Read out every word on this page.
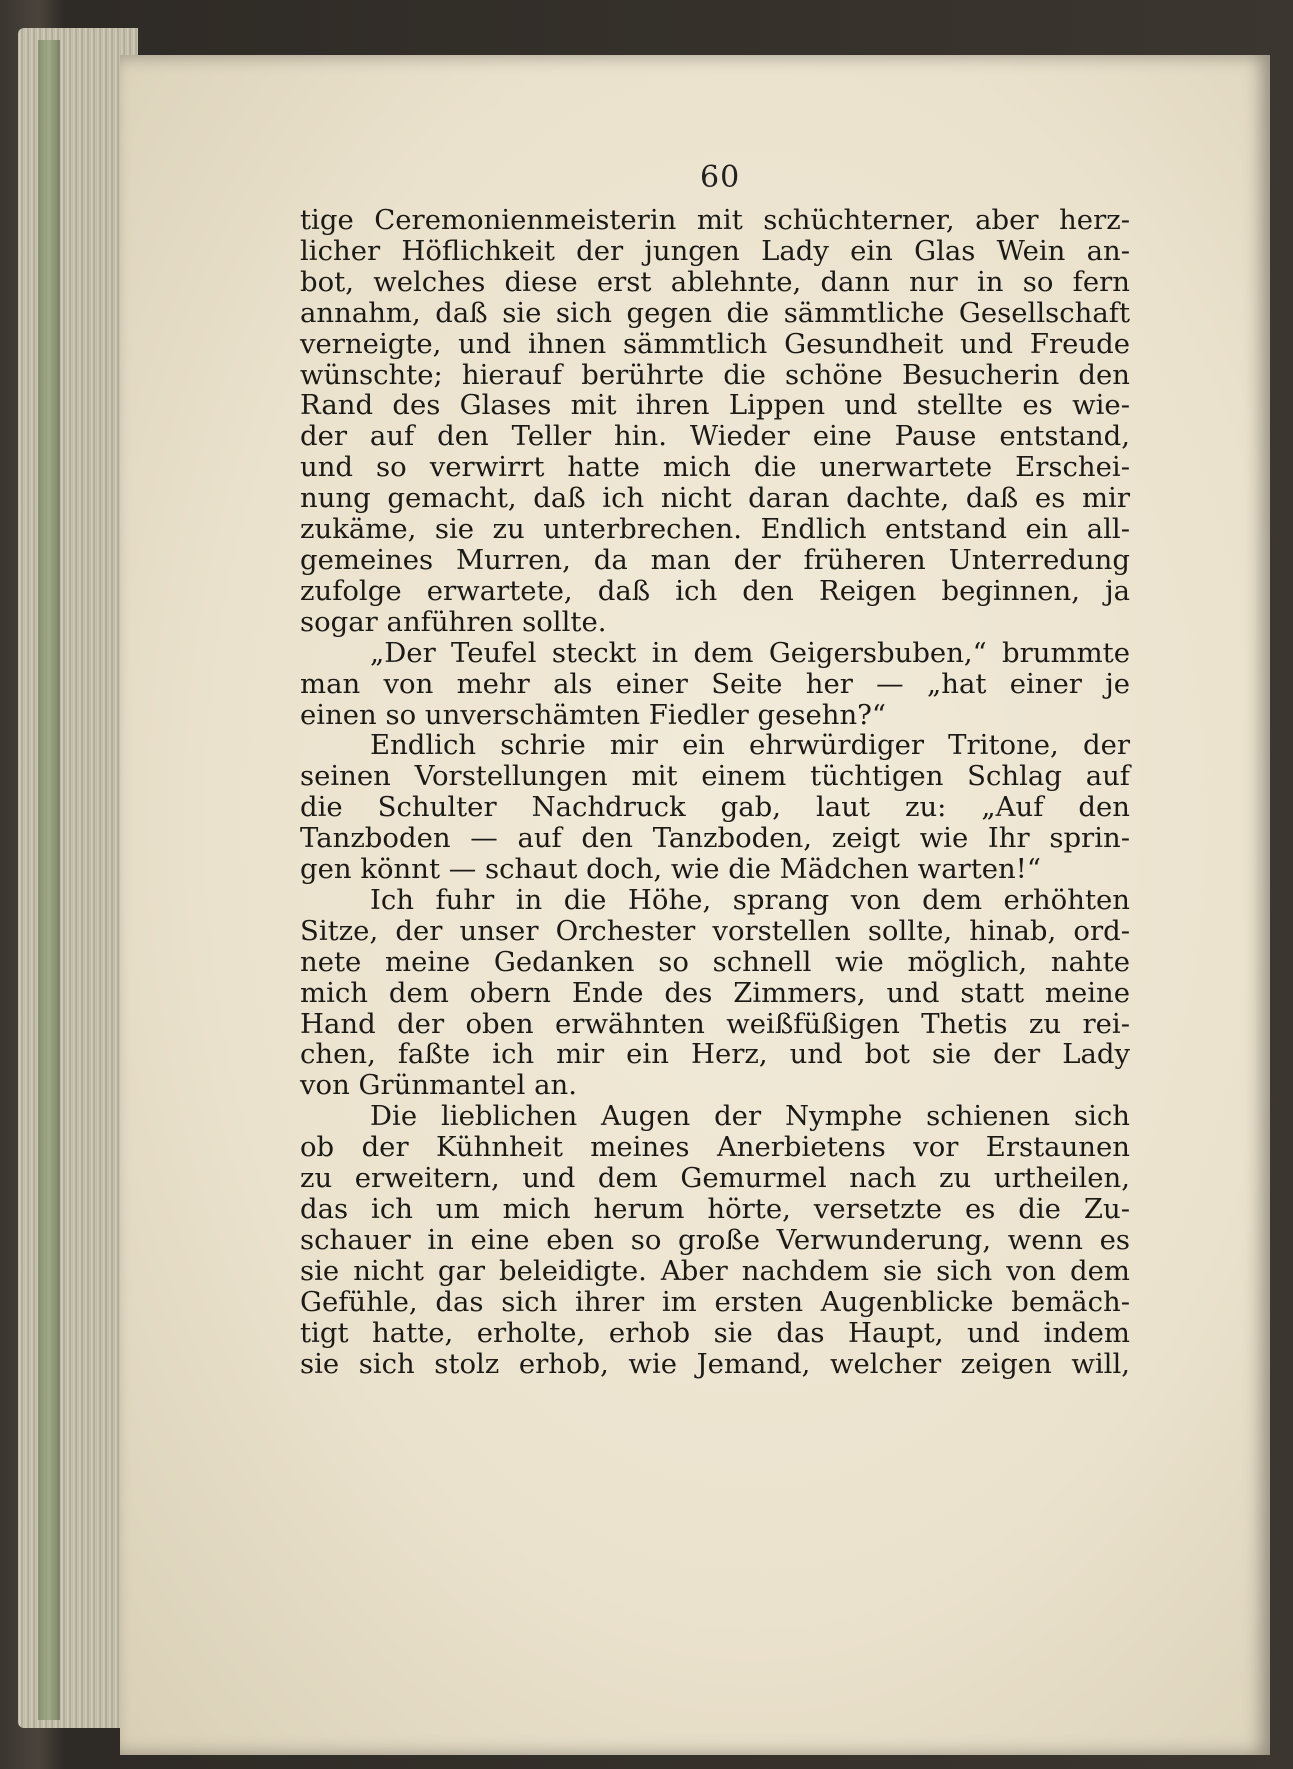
60
tige Ceremonienmeisterin mit schüchterner, aber herz-
licher Höflichkeit der jungen Lady ein Glas Wein an-
bot, welches diese erst ablehnte, dann nur in so fern
annahm, daß sie sich gegen die sämmtliche Gesellschaft
verneigte, und ihnen sämmtlich Gesundheit und Freude
wünschte; hierauf berührte die schöne Besucherin den
Rand des Glases mit ihren Lippen und stellte es wie-
der auf den Teller hin. Wieder eine Pause entstand,
und so verwirrt hatte mich die unerwartete Erschei-
nung gemacht, daß ich nicht daran dachte, daß es mir
zukäme, sie zu unterbrechen. Endlich entstand ein all-
gemeines Murren, da man der früheren Unterredung
zufolge erwartete, daß ich den Reigen beginnen, ja
sogar anführen sollte.
„Der Teufel steckt in dem Geigersbuben,“ brummte
man von mehr als einer Seite her — „hat einer je
einen so unverschämten Fiedler gesehn?“
Endlich schrie mir ein ehrwürdiger Tritone, der
seinen Vorstellungen mit einem tüchtigen Schlag auf
die Schulter Nachdruck gab, laut zu: „Auf den
Tanzboden — auf den Tanzboden, zeigt wie Ihr sprin-
gen könnt — schaut doch, wie die Mädchen warten!“
Ich fuhr in die Höhe, sprang von dem erhöhten
Sitze, der unser Orchester vorstellen sollte, hinab, ord-
nete meine Gedanken so schnell wie möglich, nahte
mich dem obern Ende des Zimmers, und statt meine
Hand der oben erwähnten weißfüßigen Thetis zu rei-
chen, faßte ich mir ein Herz, und bot sie der Lady
von Grünmantel an.
Die lieblichen Augen der Nymphe schienen sich
ob der Kühnheit meines Anerbietens vor Erstaunen
zu erweitern, und dem Gemurmel nach zu urtheilen,
das ich um mich herum hörte, versetzte es die Zu-
schauer in eine eben so große Verwunderung, wenn es
sie nicht gar beleidigte. Aber nachdem sie sich von dem
Gefühle, das sich ihrer im ersten Augenblicke bemäch-
tigt hatte, erholte, erhob sie das Haupt, und indem
sie sich stolz erhob, wie Jemand, welcher zeigen will,
